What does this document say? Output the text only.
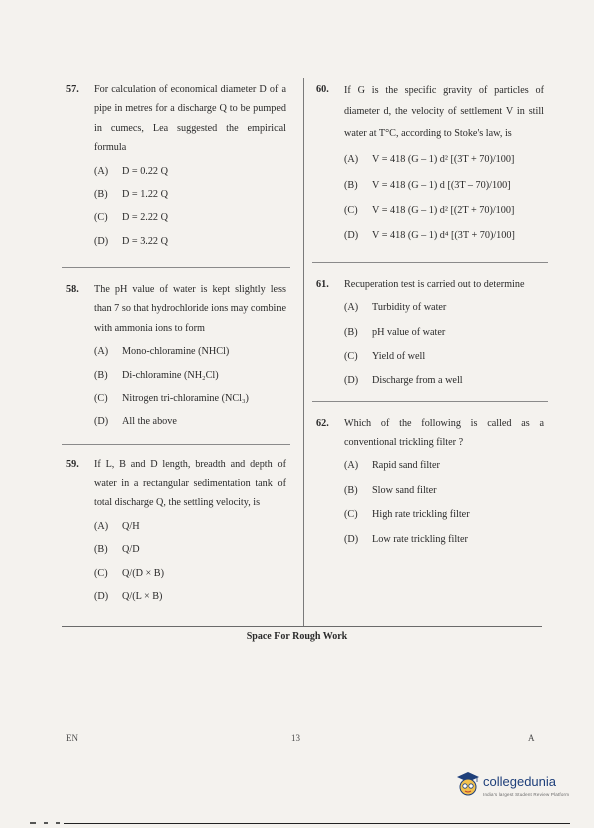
57. For calculation of economical diameter D of a pipe in metres for a discharge Q to be pumped in cumecs, Lea suggested the empirical formula
(A)	D = 0.22 Q
(B)	D = 1.22 Q
(C)	D = 2.22 Q
(D)	D = 3.22 Q
58. The pH value of water is kept slightly less than 7 so that hydrochloride ions may combine with ammonia ions to form
(A)	Mono-chloramine (NHCl)
(B)	Di-chloramine (NH₂Cl)
(C)	Nitrogen tri-chloramine (NCl₃)
(D)	All the above
59. If L, B and D length, breadth and depth of water in a rectangular sedimentation tank of total discharge Q, the settling velocity, is
(A)	Q/H
(B)	Q/D
(C)	Q/(D × B)
(D)	Q/(L × B)
60. If G is the specific gravity of particles of diameter d, the velocity of settlement V in still water at T°C, according to Stoke's law, is
(A)	V = 418 (G – 1) d² [(3T + 70)/100]
(B)	V = 418 (G – 1) d [(3T – 70)/100]
(C)	V = 418 (G – 1) d² [(2T + 70)/100]
(D)	V = 418 (G – 1) d⁴ [(3T + 70)/100]
61. Recuperation test is carried out to determine
(A)	Turbidity of water
(B)	pH value of water
(C)	Yield of well
(D)	Discharge from a well
62. Which of the following is called as a conventional trickling filter ?
(A)	Rapid sand filter
(B)	Slow sand filter
(C)	High rate trickling filter
(D)	Low rate trickling filter
Space For Rough Work
EN	13	A
collegedunia
India's largest Student Review Platform
